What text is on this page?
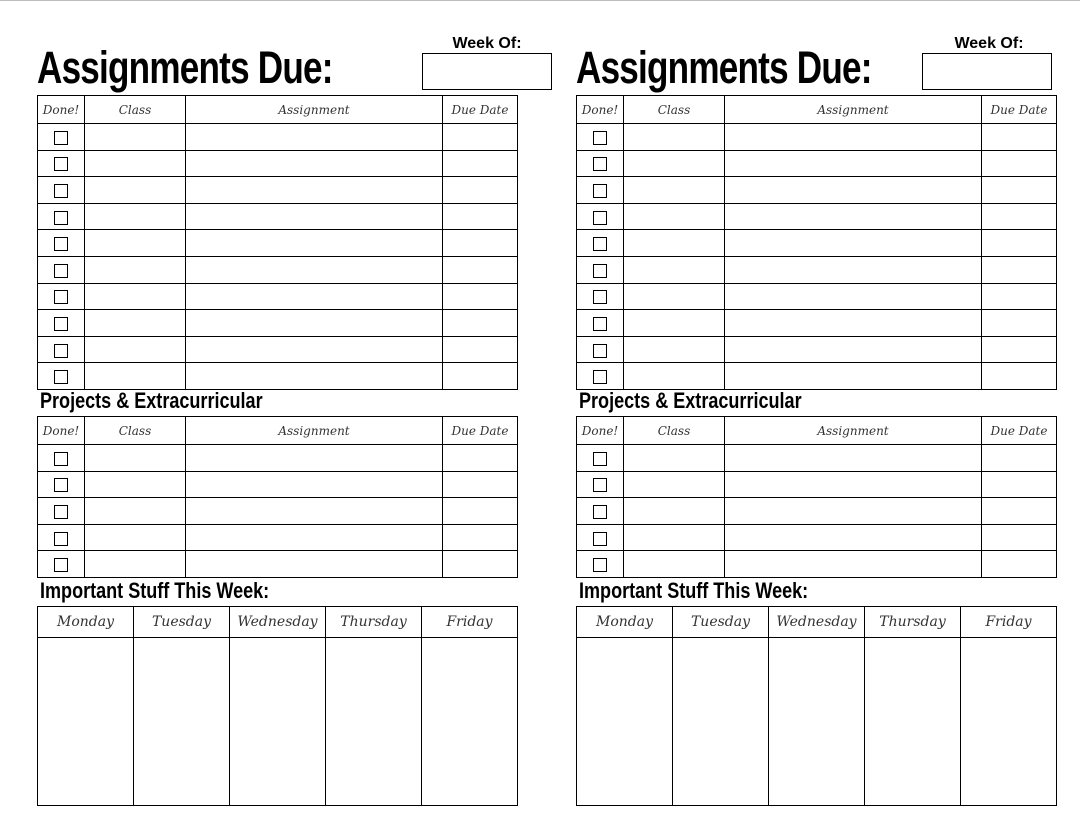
Assignments Due:	Week Of:
Done!	Class	Assignment	Due Date

Projects & Extracurricular
Done!	Class	Assignment	Due Date

Important Stuff This Week:
Monday	Tuesday	Wednesday	Thursday	Friday

Assignments Due:	Week Of:
Done!	Class	Assignment	Due Date

Projects & Extracurricular
Done!	Class	Assignment	Due Date

Important Stuff This Week:
Monday	Tuesday	Wednesday	Thursday	Friday
